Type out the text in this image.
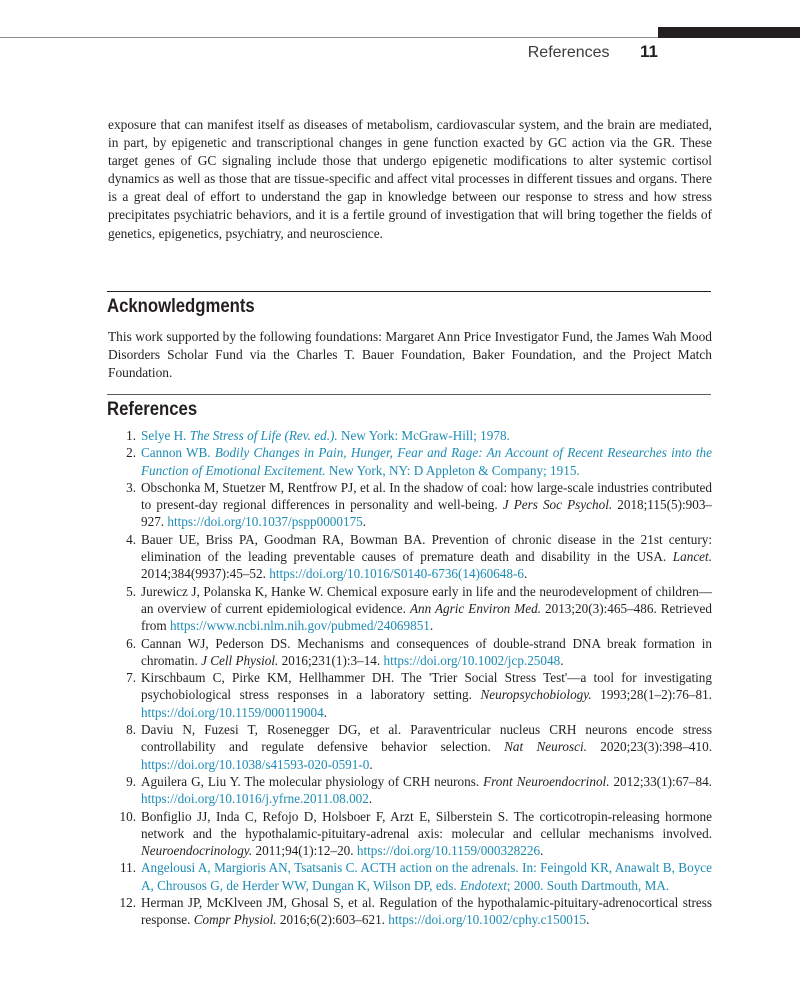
References 11

exposure that can manifest itself as diseases of metabolism, cardiovascular system, and the brain are mediated, in part, by epigenetic and transcriptional changes in gene function exacted by GC action via the GR. These target genes of GC signaling include those that undergo epigenetic modifications to alter systemic cortisol dynamics as well as those that are tissue-specific and affect vital processes in different tissues and organs. There is a great deal of effort to understand the gap in knowledge between our response to stress and how stress precipitates psychiatric behaviors, and it is a fertile ground of investigation that will bring together the fields of genetics, epigenetics, psychiatry, and neuroscience.

Acknowledgments

This work supported by the following foundations: Margaret Ann Price Investigator Fund, the James Wah Mood Disorders Scholar Fund via the Charles T. Bauer Foundation, Baker Foundation, and the Project Match Foundation.

References
1. Selye H. The Stress of Life (Rev. ed.). New York: McGraw-Hill; 1978.
2. Cannon WB. Bodily Changes in Pain, Hunger, Fear and Rage: An Account of Recent Researches into the Function of Emotional Excitement. New York, NY: D Appleton & Company; 1915.
3. Obschonka M, Stuetzer M, Rentfrow PJ, et al. In the shadow of coal: how large-scale industries contributed to present-day regional differences in personality and well-being. J Pers Soc Psychol. 2018;115(5):903–927. https://doi.org/10.1037/pspp0000175.
4. Bauer UE, Briss PA, Goodman RA, Bowman BA. Prevention of chronic disease in the 21st century: elimination of the leading preventable causes of premature death and disability in the USA. Lancet. 2014;384(9937):45–52. https://doi.org/10.1016/S0140-6736(14)60648-6.
5. Jurewicz J, Polanska K, Hanke W. Chemical exposure early in life and the neurodevelopment of children—an overview of current epidemiological evidence. Ann Agric Environ Med. 2013;20(3):465–486. Retrieved from https://www.ncbi.nlm.nih.gov/pubmed/24069851.
6. Cannan WJ, Pederson DS. Mechanisms and consequences of double-strand DNA break formation in chromatin. J Cell Physiol. 2016;231(1):3–14. https://doi.org/10.1002/jcp.25048.
7. Kirschbaum C, Pirke KM, Hellhammer DH. The 'Trier Social Stress Test'—a tool for investigating psychobiological stress responses in a laboratory setting. Neuropsychobiology. 1993;28(1–2):76–81. https://doi.org/10.1159/000119004.
8. Daviu N, Fuzesi T, Rosenegger DG, et al. Paraventricular nucleus CRH neurons encode stress controllability and regulate defensive behavior selection. Nat Neurosci. 2020;23(3):398–410. https://doi.org/10.1038/s41593-020-0591-0.
9. Aguilera G, Liu Y. The molecular physiology of CRH neurons. Front Neuroendocrinol. 2012;33(1):67–84. https://doi.org/10.1016/j.yfrne.2011.08.002.
10. Bonfiglio JJ, Inda C, Refojo D, Holsboer F, Arzt E, Silberstein S. The corticotropin-releasing hormone network and the hypothalamic-pituitary-adrenal axis: molecular and cellular mechanisms involved. Neuroendocrinology. 2011;94(1):12–20. https://doi.org/10.1159/000328226.
11. Angelousi A, Margioris AN, Tsatsanis C. ACTH action on the adrenals. In: Feingold KR, Anawalt B, Boyce A, Chrousos G, de Herder WW, Dungan K, Wilson DP, eds. Endotext; 2000. South Dartmouth, MA.
12. Herman JP, McKlveen JM, Ghosal S, et al. Regulation of the hypothalamic-pituitary-adrenocortical stress response. Compr Physiol. 2016;6(2):603–621. https://doi.org/10.1002/cphy.c150015.
